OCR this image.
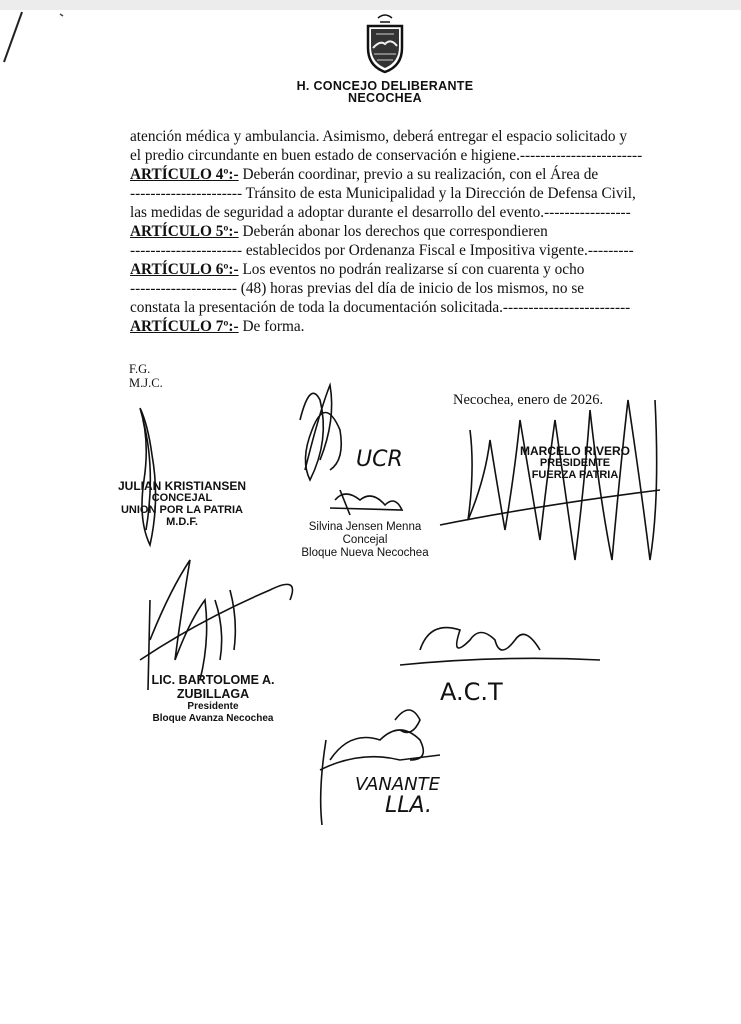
H. CONCEJO DELIBERANTE
NECOCHEA
atención médica y ambulancia. Asimismo, deberá entregar el espacio solicitado y
el predio circundante en buen estado de conservación e higiene.------------------------
ARTÍCULO 4º:- Deberán coordinar, previo a su realización, con el Área de
---------------------- Tránsito de esta Municipalidad y la Dirección de Defensa Civil,
las medidas de seguridad a adoptar durante el desarrollo del evento.-----------------
ARTÍCULO 5º:- Deberán abonar los derechos que correspondieren
---------------------- establecidos por Ordenanza Fiscal e Impositiva vigente.---------
ARTÍCULO 6º:- Los eventos no podrán realizarse sí con cuarenta y ocho
--------------------- (48) horas previas del día de inicio de los mismos, no se
constata la presentación de toda la documentación solicitada.-------------------------
ARTÍCULO 7º:- De forma.
F.G.
M.J.C.
Necochea, enero de 2026.
JULIAN KRISTIANSEN
CONCEJAL
UNION POR LA PATRIA
M.D.F.	Silvina Jensen Menna
Concejal
Bloque Nueva Necochea
MARCELO RIVERO
PRESIDENTE
FUERZA PATRIA
LIC. BARTOLOME A.
ZUBILLAGA
Presidente
Bloque Avanza Necochea
UCR
A.C.T
VANANTE
LLA.
